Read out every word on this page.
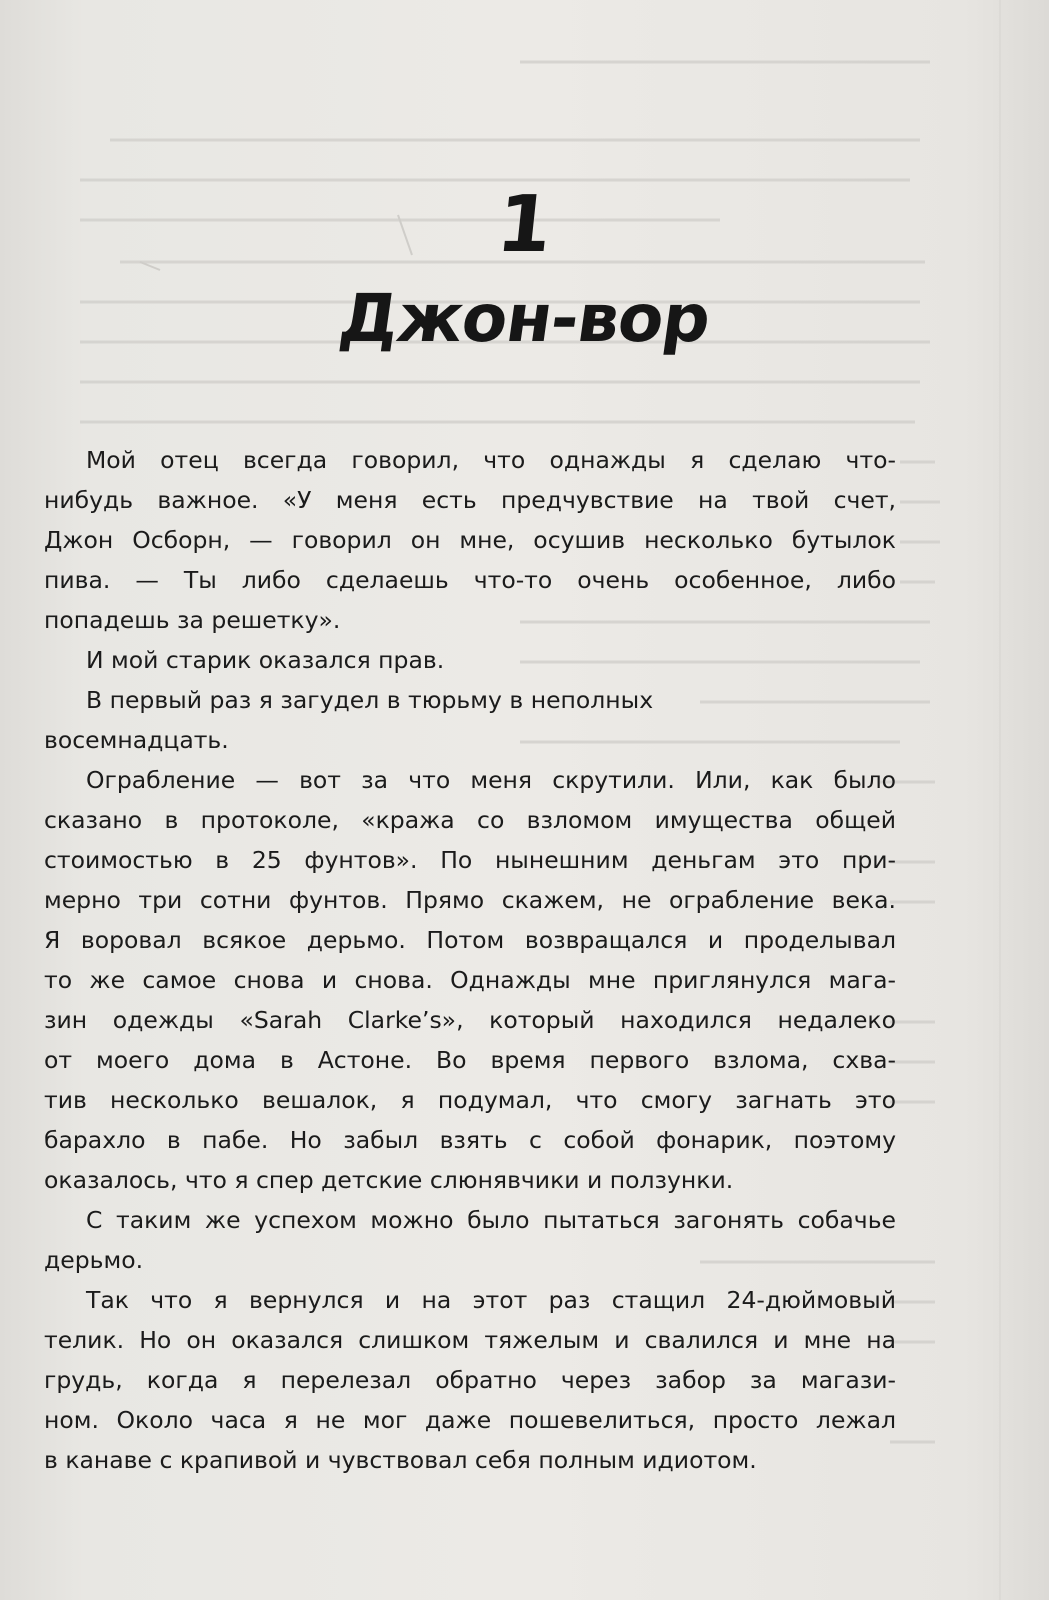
1
Джон-вор
Мой отец всегда говорил, что однажды я сделаю что-
нибудь важное. «У меня есть предчувствие на твой счет,
Джон Осборн, — говорил он мне, осушив несколько бутылок
пива. — Ты либо сделаешь что-то очень особенное, либо
попадешь за решетку».
И мой старик оказался прав.
В первый раз я загудел в тюрьму в неполных
восемнадцать.
Ограбление — вот за что меня скрутили. Или, как было
сказано в протоколе, «кража со взломом имущества общей
стоимостью в 25 фунтов». По нынешним деньгам это при-
мерно три сотни фунтов. Прямо скажем, не ограбление века.
Я воровал всякое дерьмо. Потом возвращался и проделывал
то же самое снова и снова. Однажды мне приглянулся мага-
зин одежды «Sarah Clarke’s», который находился недалеко
от моего дома в Астоне. Во время первого взлома, схва-
тив несколько вешалок, я подумал, что смогу загнать это
барахло в пабе. Но забыл взять с собой фонарик, поэтому
оказалось, что я спер детские слюнявчики и ползунки.
С таким же успехом можно было пытаться загонять собачье
дерьмо.
Так что я вернулся и на этот раз стащил 24-дюймовый
телик. Но он оказался слишком тяжелым и свалился и мне на
грудь, когда я перелезал обратно через забор за магази-
ном. Около часа я не мог даже пошевелиться, просто лежал
в канаве с крапивой и чувствовал себя полным идиотом.
